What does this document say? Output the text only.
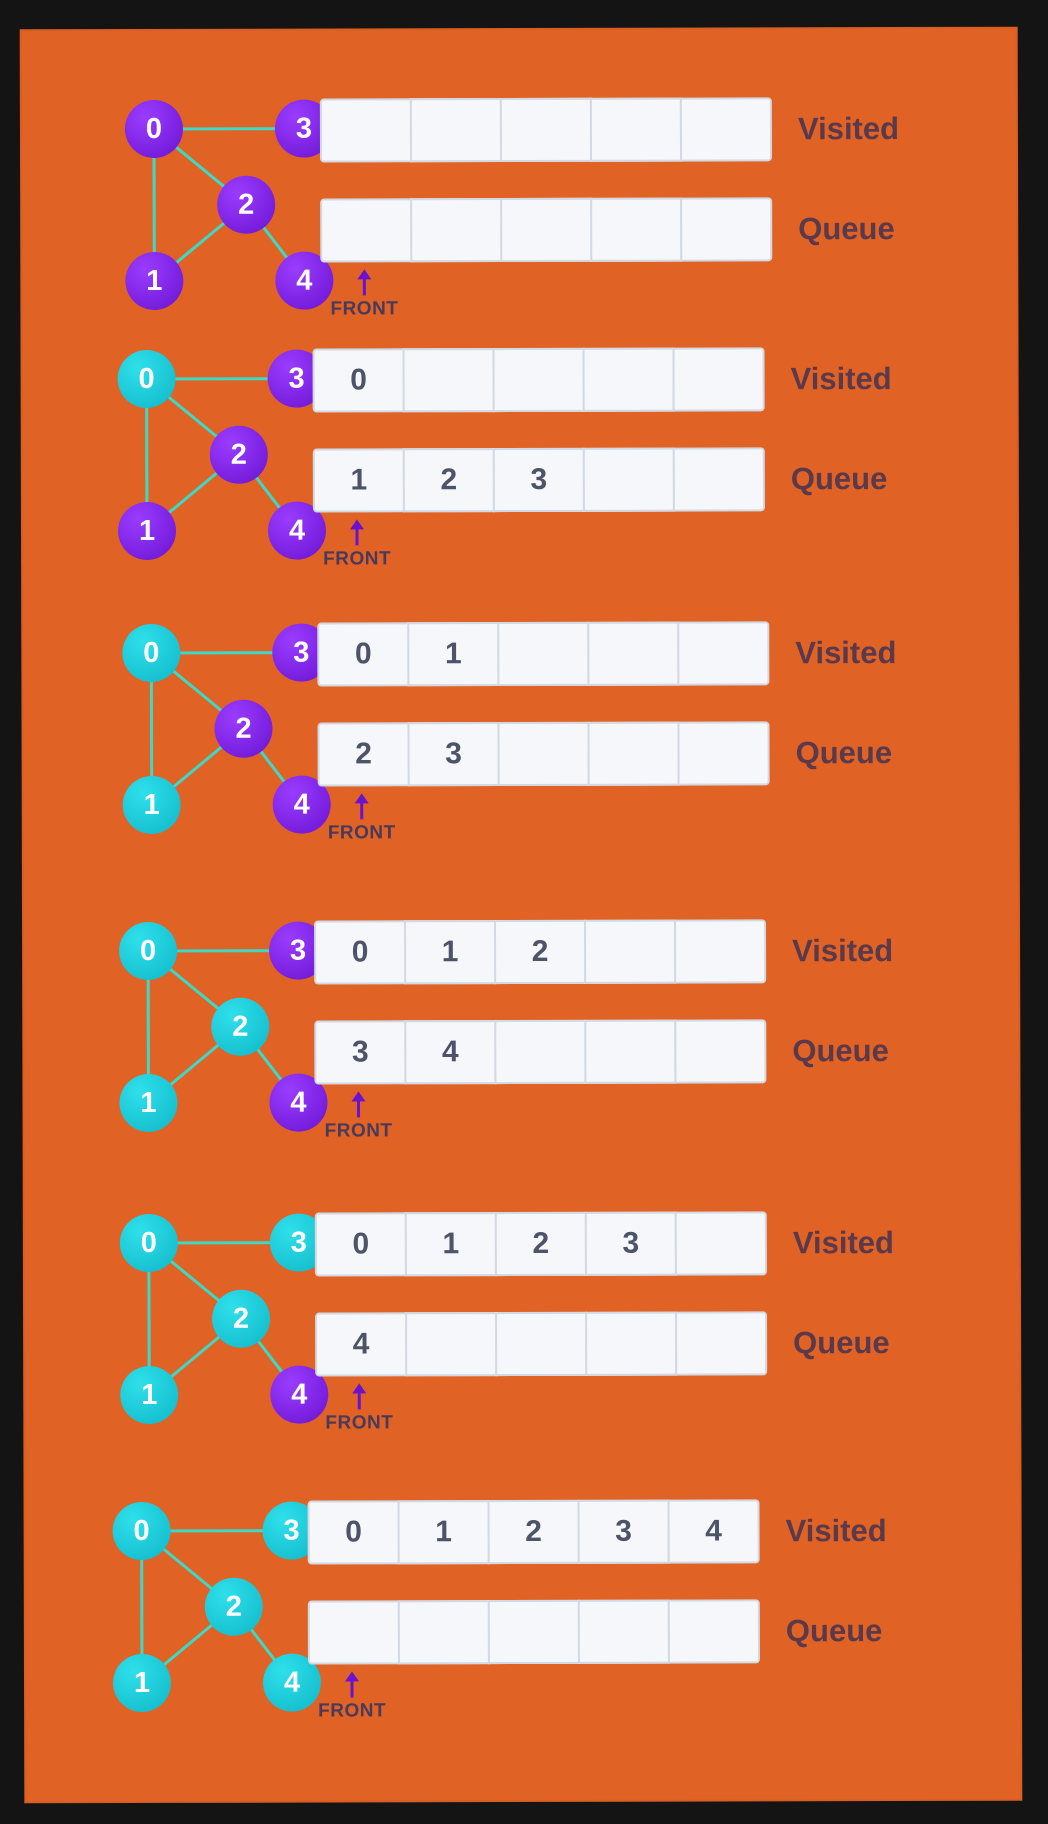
0
1
2
3
4
Visited
Queue
FRONT
0
1
2
3
4
0	Visited
1	2	3	Queue
FRONT
0
1
2
3
4
0	1	Visited
2	3	Queue
FRONT
0
1
2
3
4
0	1	2	Visited
3	4	Queue
FRONT
0
1
2
3
4
0	1	2	3	Visited
4	Queue
FRONT
0
1
2
3
4
0	1	2	3	4	Visited
Queue
FRONT
